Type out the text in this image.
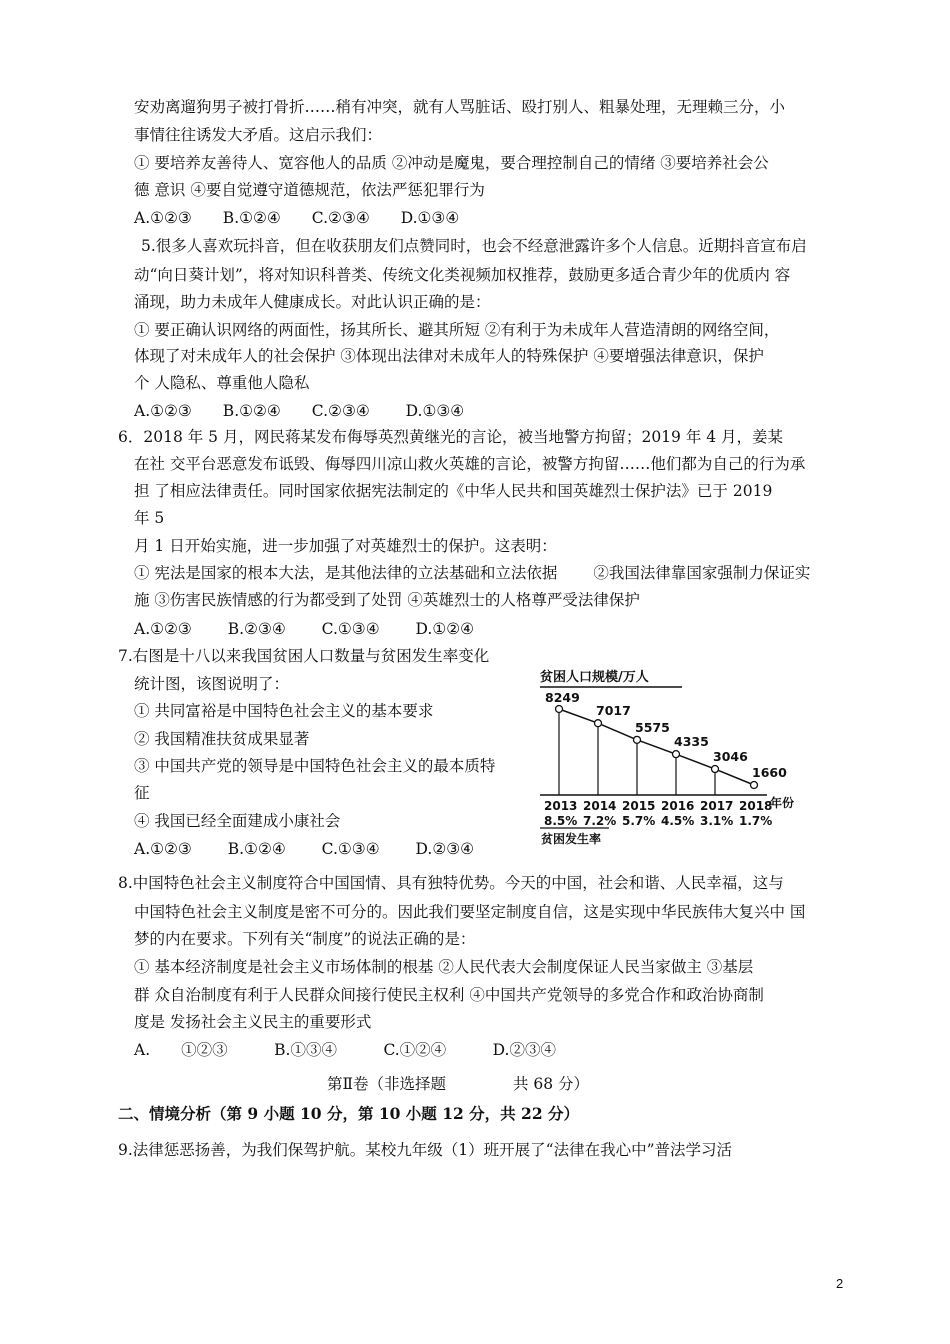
安劝离遛狗男子被打骨折……稍有冲突，就有人骂脏话、殴打别人、粗暴处理，无理赖三分，小
事情往往诱发大矛盾。这启示我们：
① 要培养友善待人、宽容他人的品质 ②冲动是魔鬼，要合理控制自己的情绪 ③要培养社会公
德 意识 ④要自觉遵守道德规范，依法严惩犯罪行为
A.①②③　　B.①②④　　C.②③④　　D.①③④
5.很多人喜欢玩抖音，但在收获朋友们点赞同时，也会不经意泄露许多个人信息。近期抖音宣布启
动“向日葵计划”，将对知识科普类、传统文化类视频加权推荐，鼓励更多适合青少年的优质内 容
涌现，助力未成年人健康成长。对此认识正确的是：
① 要正确认识网络的两面性，扬其所长、避其所短 ②有利于为未成年人营造清朗的网络空间，
体现了对未成年人的社会保护 ③体现出法律对未成年人的特殊保护 ④要增强法律意识，保护
个 人隐私、尊重他人隐私
A.①②③　　B.①②④　　C.②③④　　 D.①③④
6．2018 年 5 月，网民蒋某发布侮辱英烈黄继光的言论，被当地警方拘留；2019 年 4 月，姜某
在社 交平台恶意发布诋毁、侮辱四川凉山救火英雄的言论，被警方拘留……他们都为自己的行为承
担 了相应法律责任。同时国家依据宪法制定的《中华人民共和国英雄烈士保护法》已于 2019
年 5
月 1 日开始实施，进一步加强了对英雄烈士的保护。这表明：
① 宪法是国家的根本大法，是其他法律的立法基础和立法依据　　 ②我国法律靠国家强制力保证实
施 ③伤害民族情感的行为都受到了处罚 ④英雄烈士的人格尊严受法律保护
A.①②③　　 B.②③④　　 C.①③④　　 D.①②④
7.右图是十八以来我国贫困人口数量与贫困发生率变化
统计图，该图说明了：
① 共同富裕是中国特色社会主义的基本要求
② 我国精准扶贫成果显著
③ 中国共产党的领导是中国特色社会主义的最本质特
征
④ 我国已经全面建成小康社会
A.①②③　　 B.①②④　　 C.①③④　　 D.②③④
8.中国特色社会主义制度符合中国国情、具有独特优势。今天的中国，社会和谐、人民幸福，这与
中国特色社会主义制度是密不可分的。因此我们要坚定制度自信，这是实现中华民族伟大复兴中 国
梦的内在要求。下列有关“制度”的说法正确的是：
① 基本经济制度是社会主义市场体制的根基 ②人民代表大会制度保证人民当家做主 ③基层
群 众自治制度有利于人民群众间接行使民主权利 ④中国共产党领导的多党合作和政治协商制
度是 发扬社会主义民主的重要形式
A.　　①②③　　　B.①③④　　　C.①②④　　　D.②③④
第Ⅱ卷（非选择题　　　　 共 68 分）
二、情境分析（第 9 小题 10 分，第 10 小题 12 分，共 22 分）
9.法律惩恶扬善，为我们保驾护航。某校九年级（1）班开展了“法律在我心中”普法学习活
2
贫困人口规模/万人
年份
8249
2013
8.5%
7017
2014
7.2%
5575
2015
5.7%
4335
2016
4.5%
3046
2017
3.1%
1660
2018
1.7%
贫困发生率
